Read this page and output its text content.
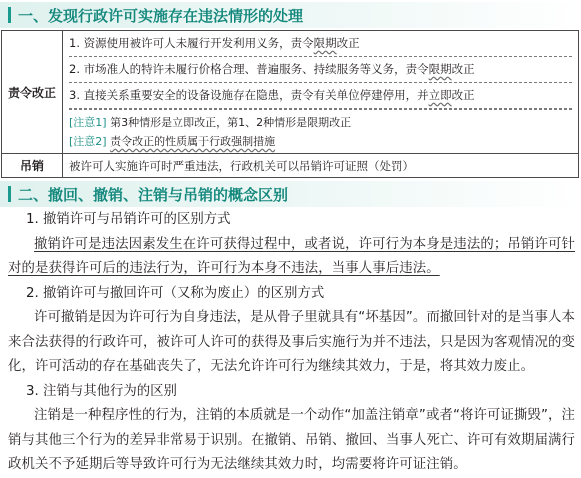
一、发现行政许可实施存在违法情形的处理
责令改正	1. 资源使用被许可人未履行开发利用义务，责令限期改正
2. 市场准人的特许未履行价格合理、普遍服务、持续服务等义务，责令限期改正
3. 直接关系重要安全的设备设施存在隐患，责令有关单位停建停用，并立即改正
[注意1] 第3种情形是立即改正，第1、2种情形是限期改正
[注意2] 责令改正的性质属于行政强制措施

吊销	被许可人实施许可时严重违法，行政机关可以吊销许可证照（处罚）
二、撤回、撤销、注销与吊销的概念区别
1. 撤销许可与吊销许可的区别方式
撤销许可是违法因素发生在许可获得过程中，或者说，许可行为本身是违法的；吊销许可针对的是获得许可后的违法行为，许可行为本身不违法，当事人事后违法。
2. 撤销许可与撤回许可（又称为废止）的区别方式
许可撤销是因为许可行为自身违法，是从骨子里就具有“坏基因”。而撤回针对的是当事人本来合法获得的行政许可，被许可人许可的获得及事后实施行为并不违法，只是因为客观情况的变化，许可活动的存在基础丧失了，无法允许许可行为继续其效力，于是，将其效力废止。
3. 注销与其他行为的区别
注销是一种程序性的行为，注销的本质就是一个动作“加盖注销章”或者“将许可证撕毁”，注销与其他三个行为的差异非常易于识别。在撤销、吊销、撤回、当事人死亡、许可有效期届满行政机关不予延期后等导致许可行为无法继续其效力时，均需要将许可证注销。
